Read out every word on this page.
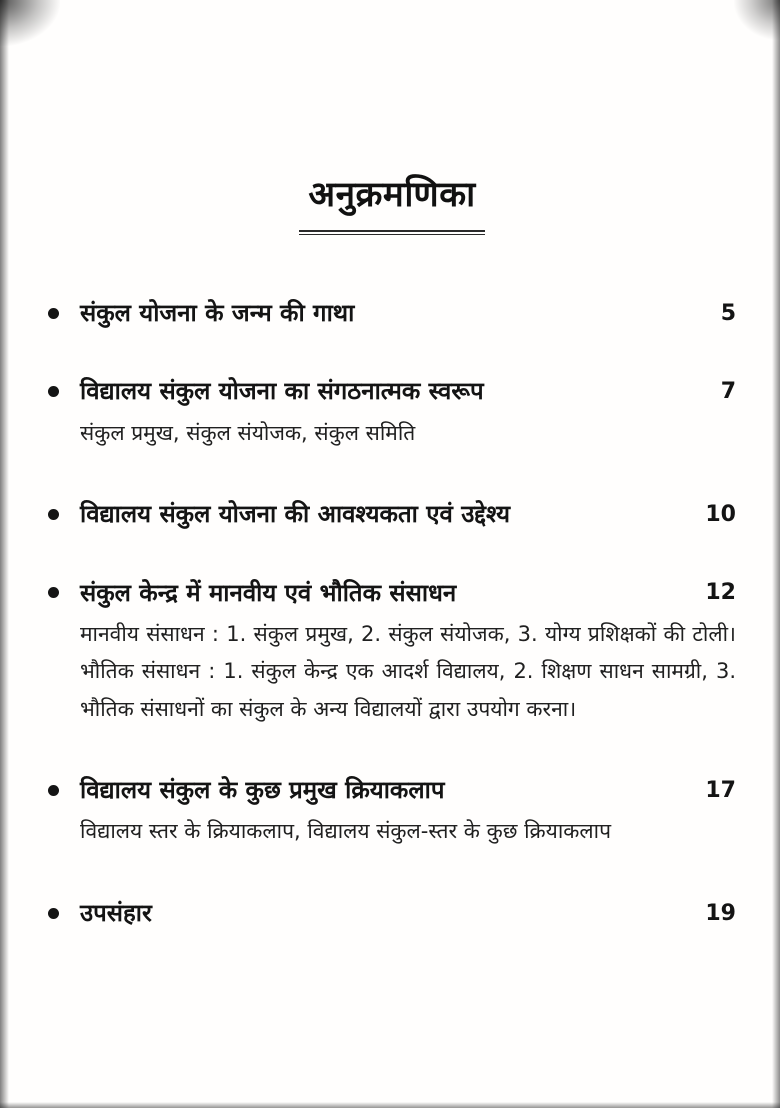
अनुक्रमणिका
संकुल योजना के जन्म की गाथा	5
विद्यालय संकुल योजना का संगठनात्मक स्वरूप	7
संकुल प्रमुख, संकुल संयोजक, संकुल समिति
विद्यालय संकुल योजना की आवश्यकता एवं उद्देश्य	10
संकुल केन्द्र में मानवीय एवं भौतिक संसाधन	12
मानवीय संसाधन : 1. संकुल प्रमुख, 2. संकुल संयोजक, 3. योग्य प्रशिक्षकों की टोली। भौतिक संसाधन : 1. संकुल केन्द्र एक आदर्श विद्यालय, 2. शिक्षण साधन सामग्री, 3. भौतिक संसाधनों का संकुल के अन्य विद्यालयों द्वारा उपयोग करना।
विद्यालय संकुल के कुछ प्रमुख क्रियाकलाप	17
विद्यालय स्तर के क्रियाकलाप, विद्यालय संकुल-स्तर के कुछ क्रियाकलाप
उपसंहार	19
